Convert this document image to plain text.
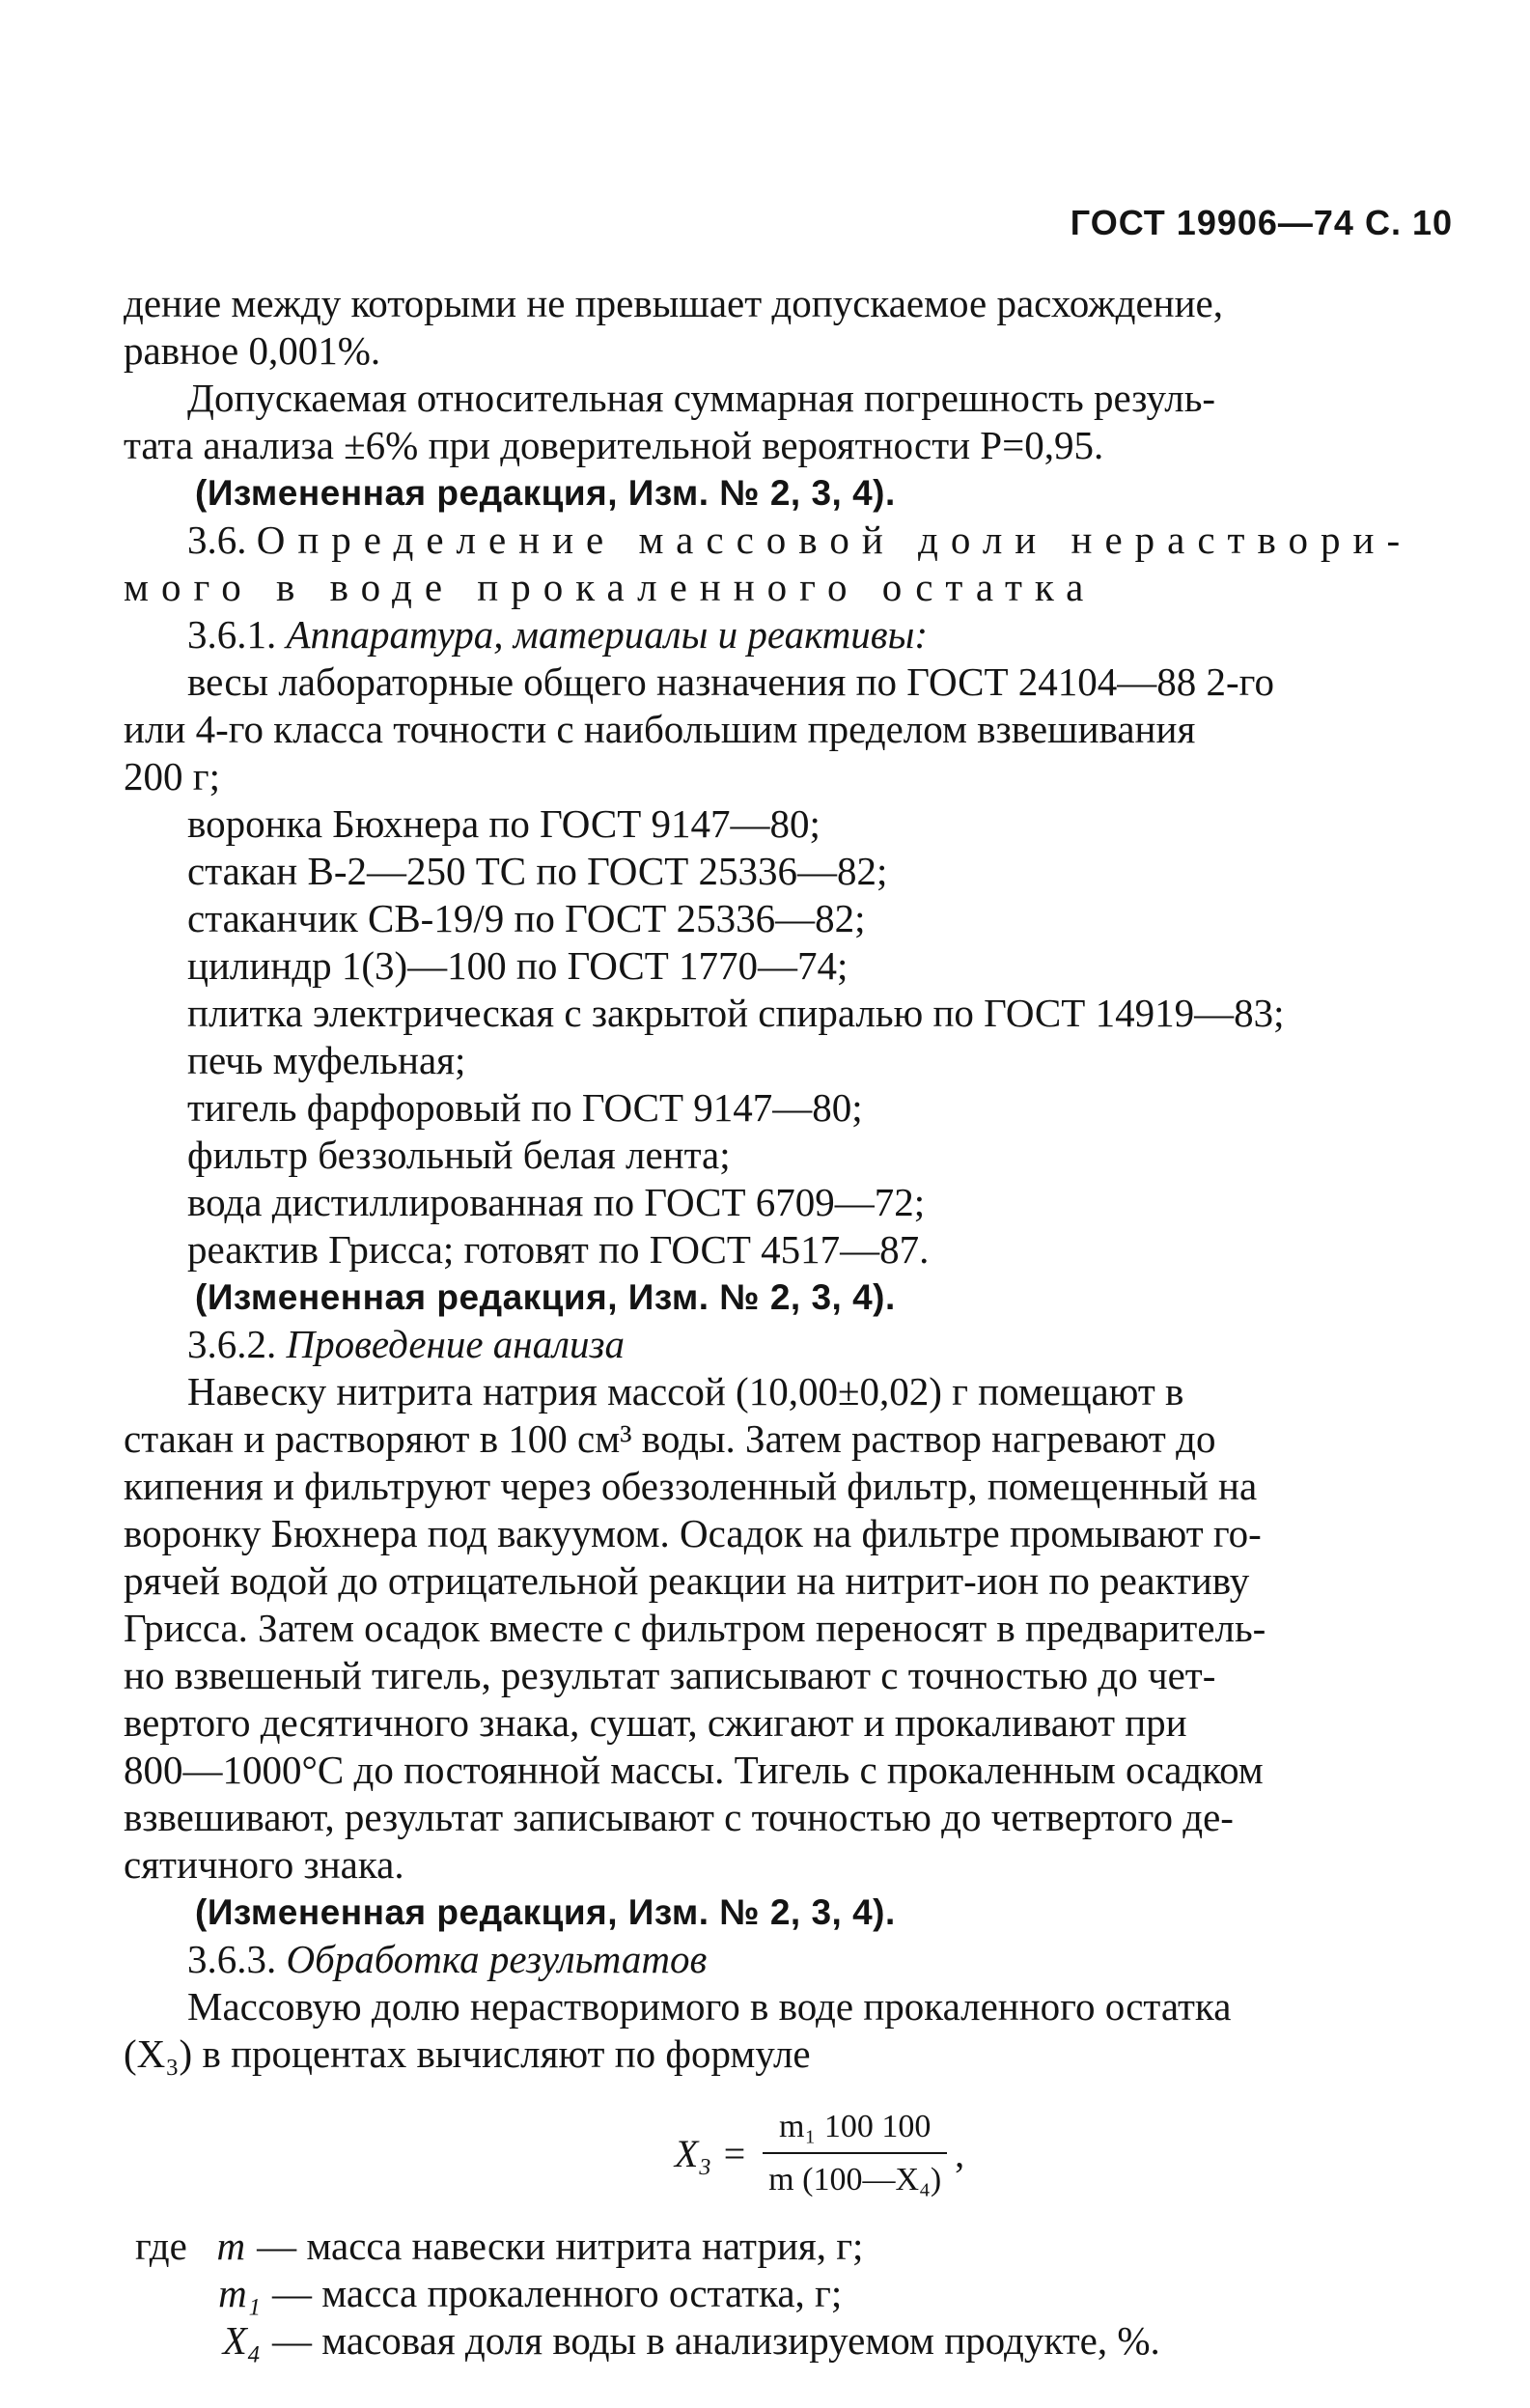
ГОСТ 19906—74 С. 10

дение между которыми не превышает допускаемое расхождение,

равное 0,001%.

Допускаемая относительная суммарная погрешность резуль-

тата анализа ±6% при доверительной вероятности P=0,95.

(Измененная редакция, Изм. № 2, 3, 4).

3.6. Определение массовой доли нераствори-

мого в воде прокаленного остатка

3.6.1. Аппаратура, материалы и реактивы:

весы лабораторные общего назначения по ГОСТ 24104—88 2-го

или 4-го класса точности с наибольшим пределом взвешивания

200 г;

воронка Бюхнера по ГОСТ 9147—80;

стакан В-2—250 ТС по ГОСТ 25336—82;

стаканчик СВ-19/9 по ГОСТ 25336—82;

цилиндр 1(3)—100 по ГОСТ 1770—74;

плитка электрическая с закрытой спиралью по ГОСТ 14919—83;

печь муфельная;

тигель фарфоровый по ГОСТ 9147—80;

фильтр беззольный белая лента;

вода дистиллированная по ГОСТ 6709—72;

реактив Грисса; готовят по ГОСТ 4517—87.

(Измененная редакция, Изм. № 2, 3, 4).

3.6.2. Проведение анализа

Навеску нитрита натрия массой (10,00±0,02) г помещают в

стакан и растворяют в 100 см³ воды. Затем раствор нагревают до

кипения и фильтруют через обеззоленный фильтр, помещенный на

воронку Бюхнера под вакуумом. Осадок на фильтре промывают го-

рячей водой до отрицательной реакции на нитрит-ион по реактиву

Грисса. Затем осадок вместе с фильтром переносят в предваритель-

но взвешеный тигель, результат записывают с точностью до чет-

вертого десятичного знака, сушат, сжигают и прокаливают при

800—1000°С до постоянной массы. Тигель с прокаленным осадком

взвешивают, результат записывают с точностью до четвертого де-

сятичного знака.

(Измененная редакция, Изм. № 2, 3, 4).

3.6.3. Обработка результатов

Массовую долю нерастворимого в воде прокаленного остатка

(X₃) в процентах вычисляют по формуле

$X_3 = \frac{\text{m₁ 100 100}}{\text{m (100—X₄)}}$ ,

где m — масса навески нитрита натрия, г;

m₁ — масса прокаленного остатка, г;

X₄ — масовая доля воды в анализируемом продукте, %.
